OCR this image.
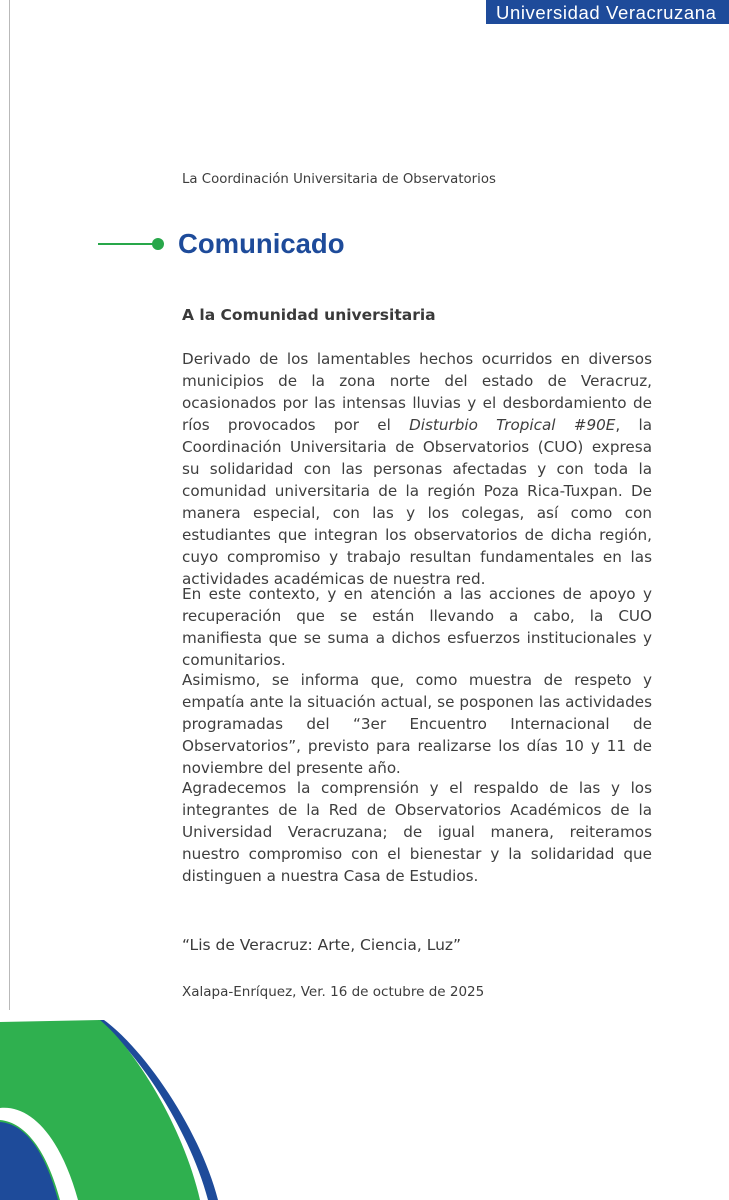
Universidad Veracruzana
La Coordinación Universitaria de Observatorios
Comunicado
A la Comunidad universitaria

Derivado de los lamentables hechos ocurridos en diversos municipios de la zona norte del estado de Veracruz, ocasionados por las intensas lluvias y el desbordamiento de ríos provocados por el Disturbio Tropical #90E, la Coordinación Universitaria de Observatorios (CUO) expresa su solidaridad con las personas afectadas y con toda la comunidad universitaria de la región Poza Rica-Tuxpan. De manera especial, con las y los colegas, así como con estudiantes que integran los observatorios de dicha región, cuyo compromiso y trabajo resultan fundamentales en las actividades académicas de nuestra red.

En este contexto, y en atención a las acciones de apoyo y recuperación que se están llevando a cabo, la CUO manifiesta que se suma a dichos esfuerzos institucionales y comunitarios.

Asimismo, se informa que, como muestra de respeto y empatía ante la situación actual, se posponen las actividades programadas del “3er Encuentro Internacional de Observatorios”, previsto para realizarse los días 10 y 11 de noviembre del presente año.

Agradecemos la comprensión y el respaldo de las y los integrantes de la Red de Observatorios Académicos de la Universidad Veracruzana; de igual manera, reiteramos nuestro compromiso con el bienestar y la solidaridad que distinguen a nuestra Casa de Estudios.

“Lis de Veracruz: Arte, Ciencia, Luz”
Xalapa-Enríquez, Ver. 16 de octubre de 2025
